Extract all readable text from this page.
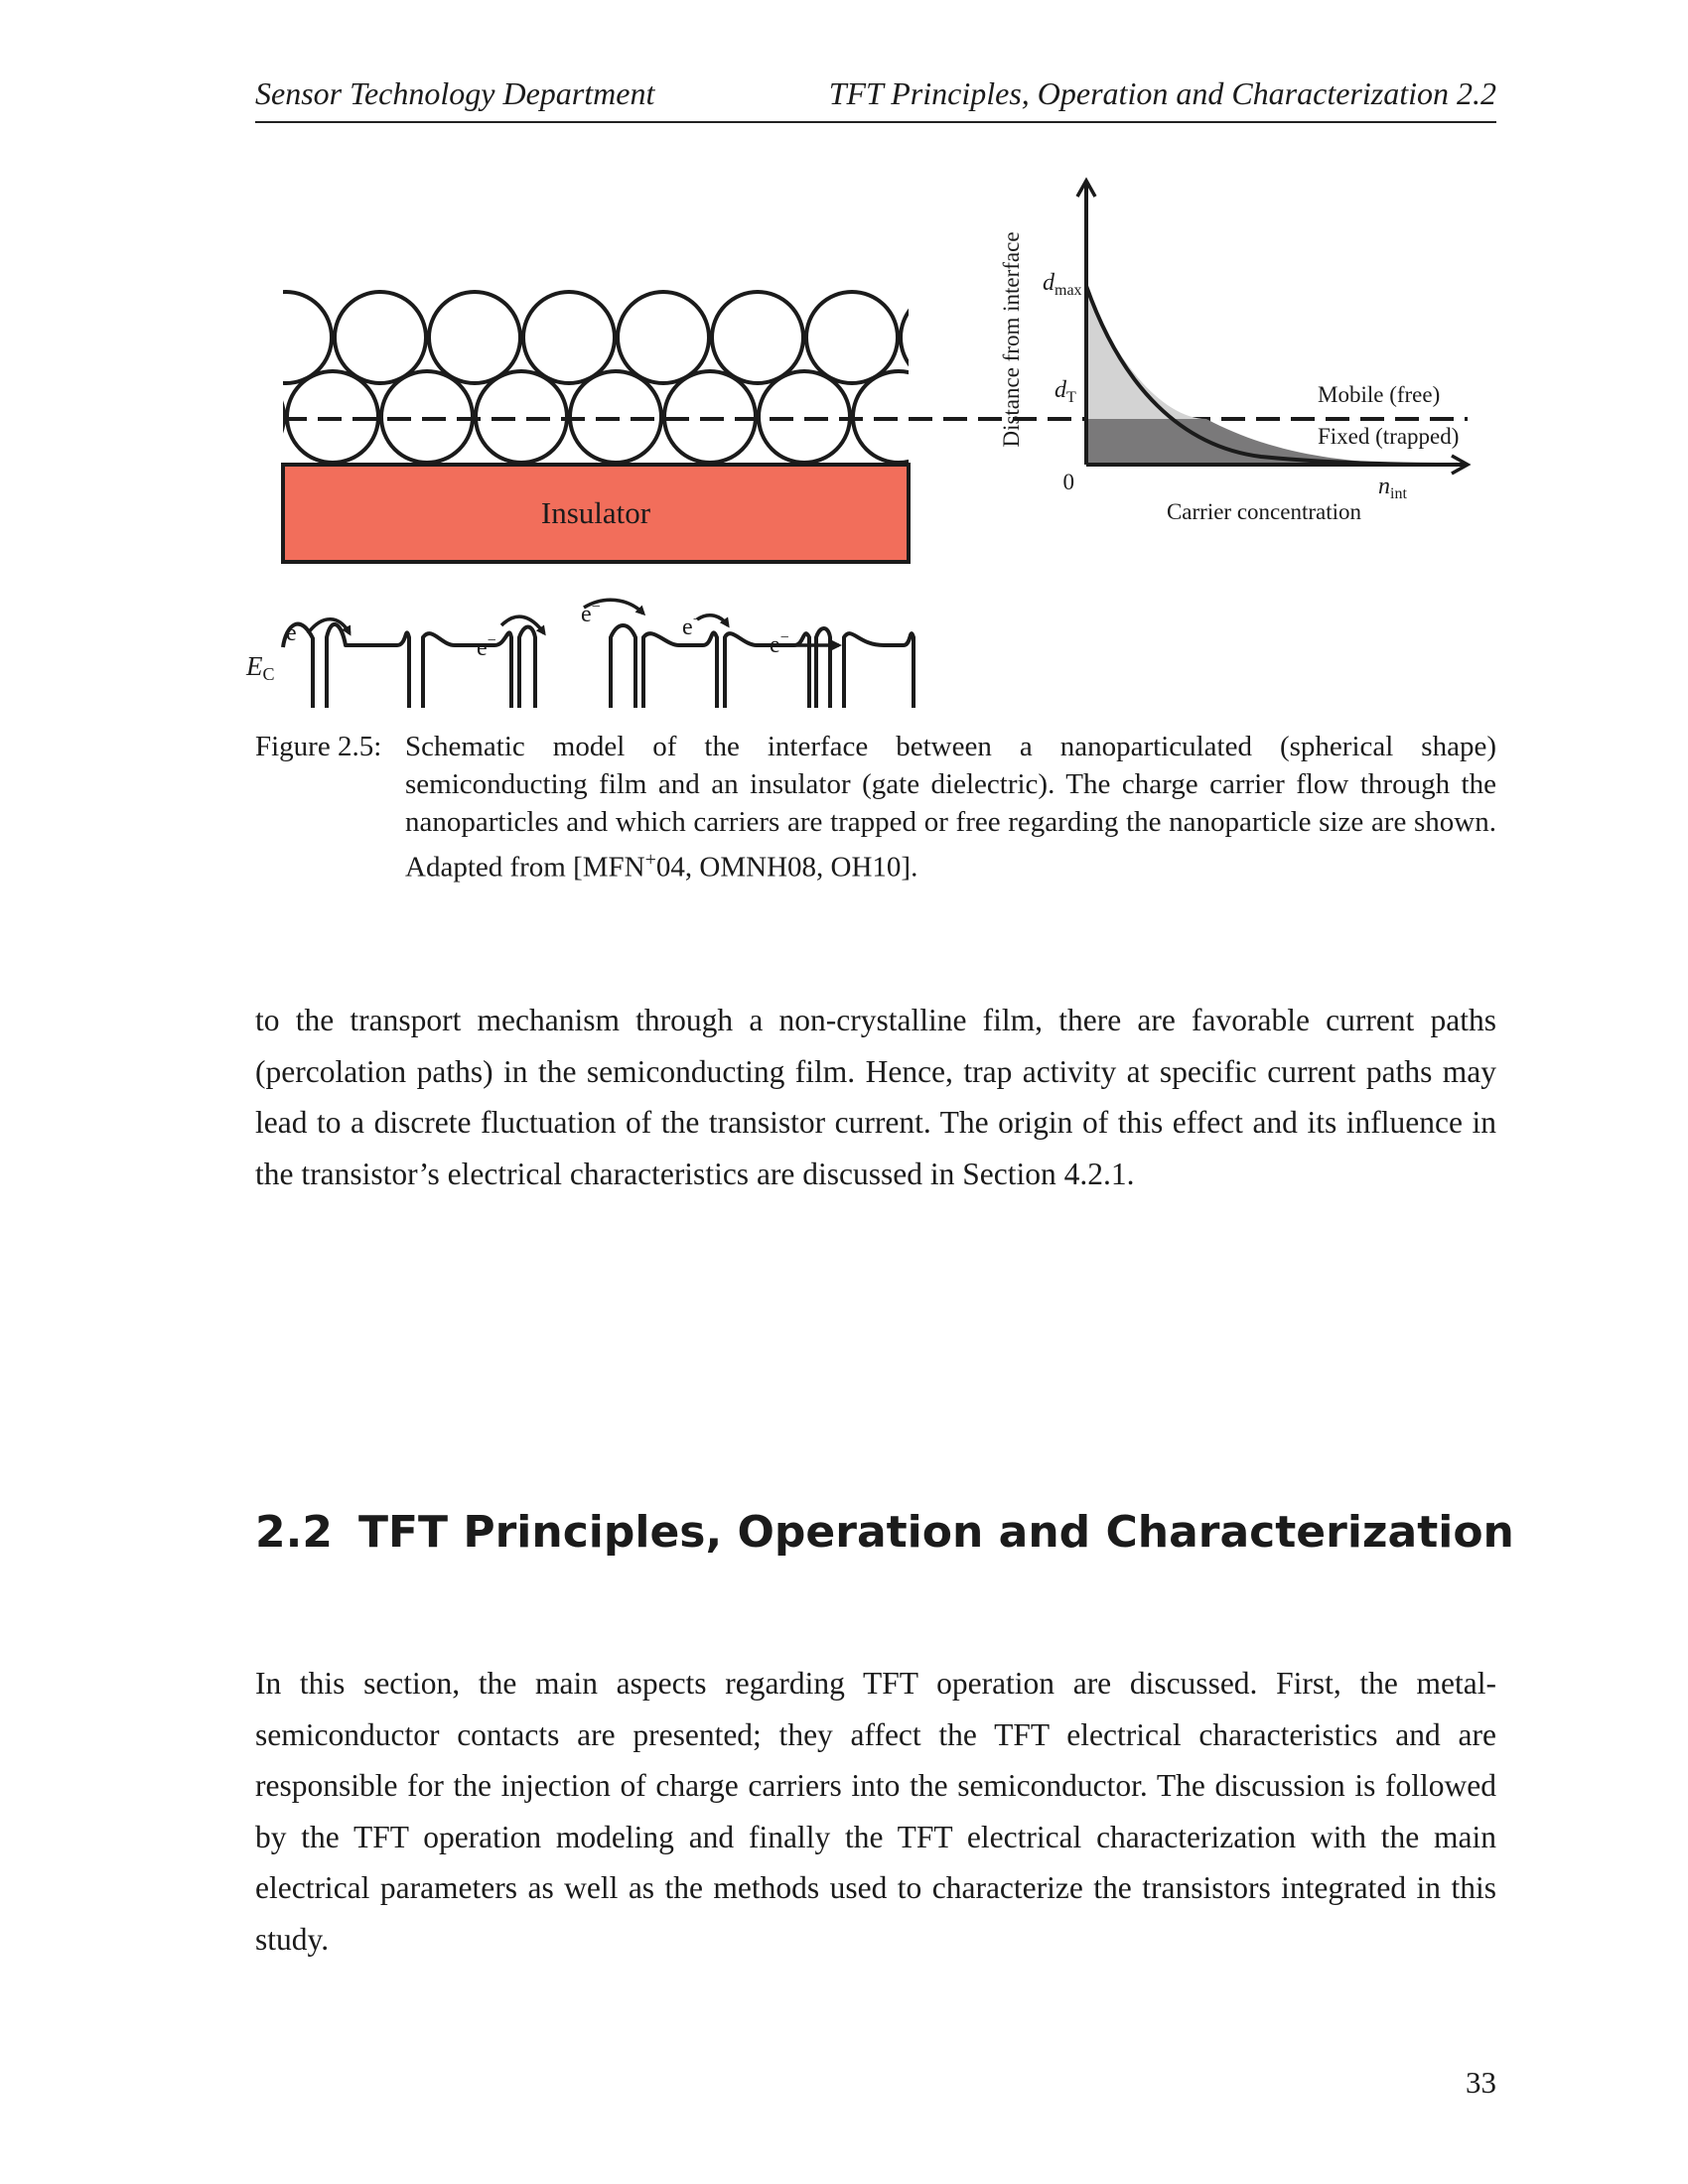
Sensor Technology Department	TFT Principles, Operation and Characterization 2.2
Insulator
EC
e−
e−
e−
e−
e−
Distance from interface $d_{max}$
$d_T$
0	$n_{int}$
Carrier concentration
Mobile (free)
Fixed (trapped)
Figure 2.5: Schematic model of the interface between a nanoparticulated (spherical shape) semiconducting film and an insulator (gate dielectric). The charge carrier flow through the nanoparticles and which carriers are trapped or free regarding the nanoparticle size are shown. Adapted from [MFN+04, OMNH08, OH10].

to the transport mechanism through a non-crystalline film, there are favorable current paths (percolation paths) in the semiconducting film. Hence, trap activity at specific current paths may lead to a discrete fluctuation of the transistor current. The origin of this effect and its influence in the transistor’s electrical characteristics are discussed in Section 4.2.1.

2.2 TFT Principles, Operation and Characterization

In this section, the main aspects regarding TFT operation are discussed. First, the metal-semiconductor contacts are presented; they affect the TFT electrical characteristics and are responsible for the injection of charge carriers into the semiconductor. The discussion is followed by the TFT operation modeling and finally the TFT electrical characterization with the main electrical parameters as well as the methods used to characterize the transistors integrated in this study.

33
